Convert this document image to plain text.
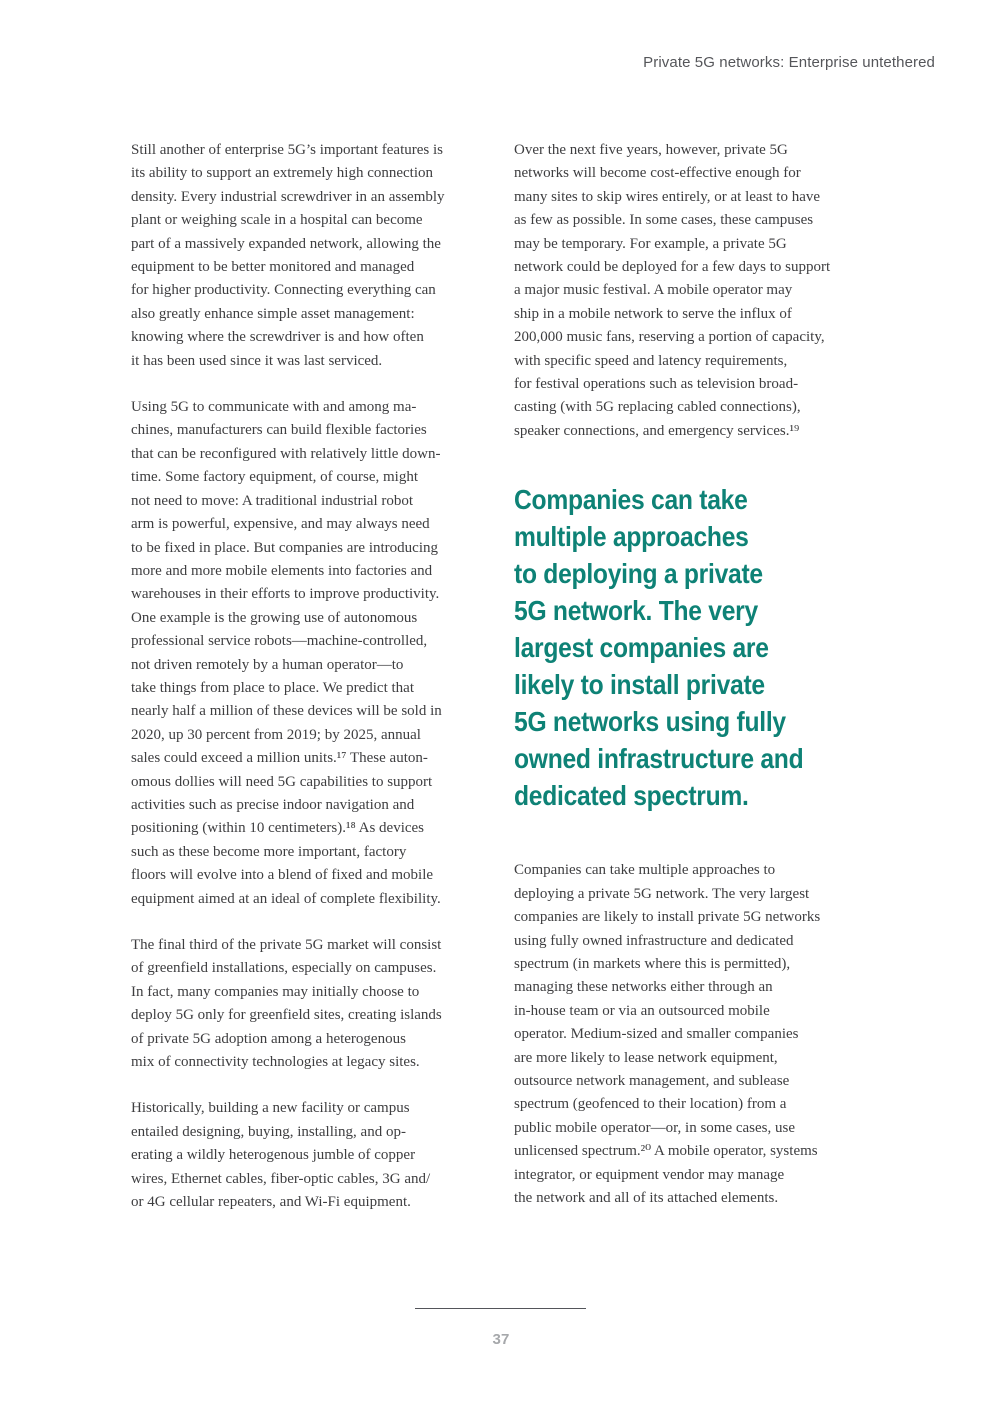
Private 5G networks: Enterprise untethered
Still another of enterprise 5G’s important features is
its ability to support an extremely high connection
density. Every industrial screwdriver in an assembly
plant or weighing scale in a hospital can become
part of a massively expanded network, allowing the
equipment to be better monitored and managed
for higher productivity. Connecting everything can
also greatly enhance simple asset management:
knowing where the screwdriver is and how often
it has been used since it was last serviced.
Using 5G to communicate with and among ma-
chines, manufacturers can build flexible factories
that can be reconfigured with relatively little down-
time. Some factory equipment, of course, might
not need to move: A traditional industrial robot
arm is powerful, expensive, and may always need
to be fixed in place. But companies are introducing
more and more mobile elements into factories and
warehouses in their efforts to improve productivity.
One example is the growing use of autonomous
professional service robots—machine-controlled,
not driven remotely by a human operator—to
take things from place to place. We predict that
nearly half a million of these devices will be sold in
2020, up 30 percent from 2019; by 2025, annual
sales could exceed a million units.¹⁷ These auton-
omous dollies will need 5G capabilities to support
activities such as precise indoor navigation and
positioning (within 10 centimeters).¹⁸ As devices
such as these become more important, factory
floors will evolve into a blend of fixed and mobile
equipment aimed at an ideal of complete flexibility.
The final third of the private 5G market will consist
of greenfield installations, especially on campuses.
In fact, many companies may initially choose to
deploy 5G only for greenfield sites, creating islands
of private 5G adoption among a heterogenous
mix of connectivity technologies at legacy sites.
Historically, building a new facility or campus
entailed designing, buying, installing, and op-
erating a wildly heterogenous jumble of copper
wires, Ethernet cables, fiber-optic cables, 3G and/
or 4G cellular repeaters, and Wi-Fi equipment.
Over the next five years, however, private 5G
networks will become cost-effective enough for
many sites to skip wires entirely, or at least to have
as few as possible. In some cases, these campuses
may be temporary. For example, a private 5G
network could be deployed for a few days to support
a major music festival. A mobile operator may
ship in a mobile network to serve the influx of
200,000 music fans, reserving a portion of capacity,
with specific speed and latency requirements,
for festival operations such as television broad-
casting (with 5G replacing cabled connections),
speaker connections, and emergency services.¹⁹
Companies can take
multiple approaches
to deploying a private
5G network. The very
largest companies are
likely to install private
5G networks using fully
owned infrastructure and
dedicated spectrum.
Companies can take multiple approaches to
deploying a private 5G network. The very largest
companies are likely to install private 5G networks
using fully owned infrastructure and dedicated
spectrum (in markets where this is permitted),
managing these networks either through an
in-house team or via an outsourced mobile
operator. Medium-sized and smaller companies
are more likely to lease network equipment,
outsource network management, and sublease
spectrum (geofenced to their location) from a
public mobile operator—or, in some cases, use
unlicensed spectrum.²⁰ A mobile operator, systems
integrator, or equipment vendor may manage
the network and all of its attached elements.
37
